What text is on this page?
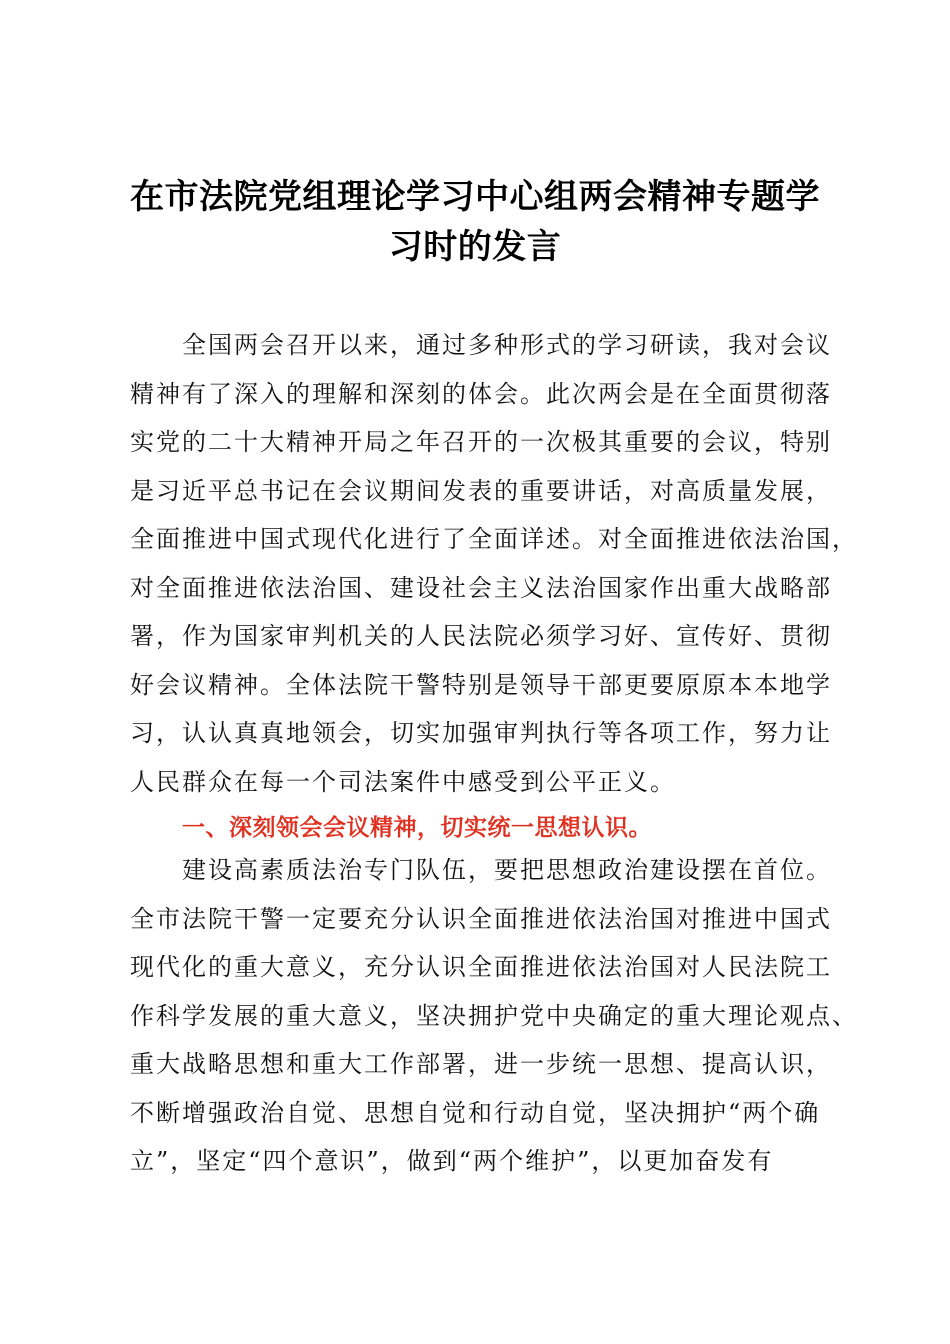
在市法院党组理论学习中心组两会精神专题学
习时的发言
全国两会召开以来，通过多种形式的学习研读，我对会议
精神有了深入的理解和深刻的体会。此次两会是在全面贯彻落
实党的二十大精神开局之年召开的一次极其重要的会议，特别
是习近平总书记在会议期间发表的重要讲话，对高质量发展，
全面推进中国式现代化进行了全面详述。对全面推进依法治国，
对全面推进依法治国、建设社会主义法治国家作出重大战略部
署，作为国家审判机关的人民法院必须学习好、宣传好、贯彻
好会议精神。全体法院干警特别是领导干部更要原原本本地学
习，认认真真地领会，切实加强审判执行等各项工作，努力让
人民群众在每一个司法案件中感受到公平正义。
一、深刻领会会议精神，切实统一思想认识。
建设高素质法治专门队伍，要把思想政治建设摆在首位。
全市法院干警一定要充分认识全面推进依法治国对推进中国式
现代化的重大意义，充分认识全面推进依法治国对人民法院工
作科学发展的重大意义，坚决拥护党中央确定的重大理论观点、
重大战略思想和重大工作部署，进一步统一思想、提高认识，
不断增强政治自觉、思想自觉和行动自觉，坚决拥护“两个确
立”，坚定“四个意识”，做到“两个维护”，以更加奋发有
